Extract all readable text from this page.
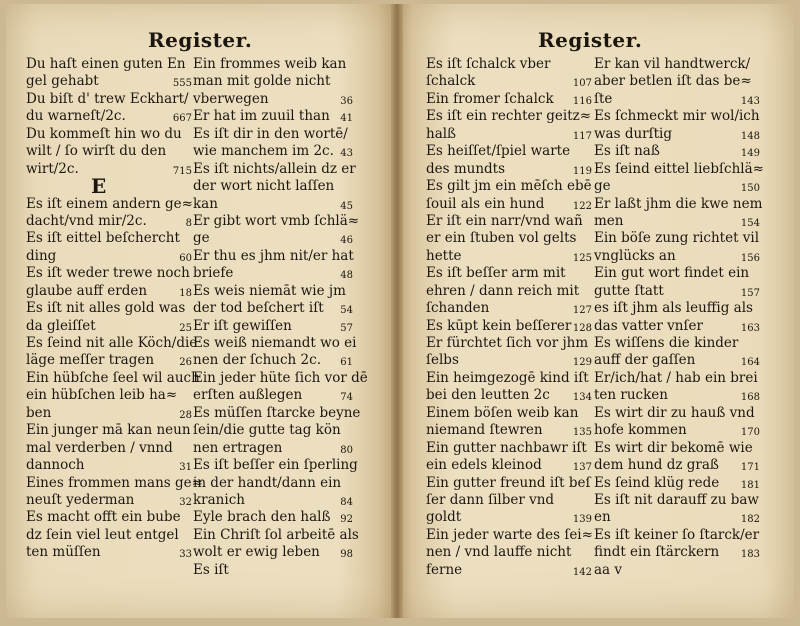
Register.	Register.
Du haſt einen guten En
gel gehabt	555
Du biſt d' trew Eckhart/
du warneſt/2c.	667
Du kommeſt hin wo du
wilt / ſo wirſt du den
wirt/2c.	715
E
Es iſt einem andern ge≈
dacht/vnd mir/2c.	8
Es iſt eittel beſchercht
ding	60
Es iſt weder trewe noch
glaube auff erden	18
Es iſt nit alles gold was
da gleiſſet	25
Es ſeind nit alle Köch/die
läge meſſer tragen	26
Ein hübſche ſeel wil auch
ein hübſchen leib ha≈
ben	28
Ein junger mā kan neun
mal verderben / vnnd
dannoch	31
Eines frommen mans ge≈
neuſt yederman	32
Es macht offt ein bube
dz ſein viel leut entgel
ten müſſen	33
Ein frommes weib kan
man mit golde nicht
vberwegen	36
Er hat im zuuil than 41
Es iſt dir in den wortē/
wie manchem im 2c. 43
Es iſt nichts/allein dz er
der wort nicht laſſen
kan	45
Er gibt wort vmb ſchlä≈
ge	46
Er thu es jhm nit/er hat
briefe	48
Es weis niemāt wie jm
der tod beſchert iſt 54
Er iſt gewiſſen	57
Es weiß niemandt wo ei
nen der ſchuch 2c. 61
Ein jeder hüte ſich vor dē
erſten außlegen	74
Es müſſen ſtarcke beyne
ſein/die gutte tag kön
nen ertragen	80
Es iſt beſſer ein ſperling
in der handt/dann ein
kranich	84
Eyle brach den halß 92
Ein Chriſt ſol arbeitē als
wolt er ewig leben 98
Es iſt
Es iſt ſchalck vber
ſchalck	107
Ein fromer ſchalck 116
Es iſt ein rechter geitz≈
halß	117
Es heiſſet/ſpiel warte
des mundts	119
Es gilt jm ein mēſch ebē
ſouil als ein hund	122
Er iſt ein narr/vnd wañ
er ein ſtuben vol gelts
hette	125
Es iſt beſſer arm mit
ehren / dann reich mit
ſchanden	127
Es kūpt kein beſſerer 128
Er fürchtet ſich vor jhm
ſelbs	129
Ein heimgezogē kind iſt
bei den leutten 2c 134
Einem böſen weib kan
niemand ſtewren	135
Ein gutter nachbawr iſt
ein edels kleinod	137
Ein gutter freund iſt beſ
ſer dann ſilber vnd
goldt	139
Ein jeder warte des ſei≈
nen / vnd lauffe nicht
ferne	142
Er kan vil handtwerck/
aber betlen iſt das be≈
ſte	143
Es ſchmeckt mir wol/ich
was durſtig	148
Es iſt naß	149
Es ſeind eittel liebſchlä≈
ge	150
Er laßt jhm die kwe nem
men	154
Ein böſe zung richtet vil
vnglücks an	156
Ein gut wort findet ein
gutte ſtatt	157
es iſt jhm als leuffig als
das vatter vnſer	163
Es wiſſens die kinder
auff der gaſſen	164
Er/ich/hat / hab ein brei
ten rucken	168
Es wirt dir zu hauß vnd
hofe kommen	170
Es wirt dir bekomē wie
dem hund dz graß 171
Es ſeind klüg rede 181
Es iſt nit darauff zu baw
en	182
Es iſt keiner ſo ſtarck/er
findt ein ſtärckern 183
aa v
